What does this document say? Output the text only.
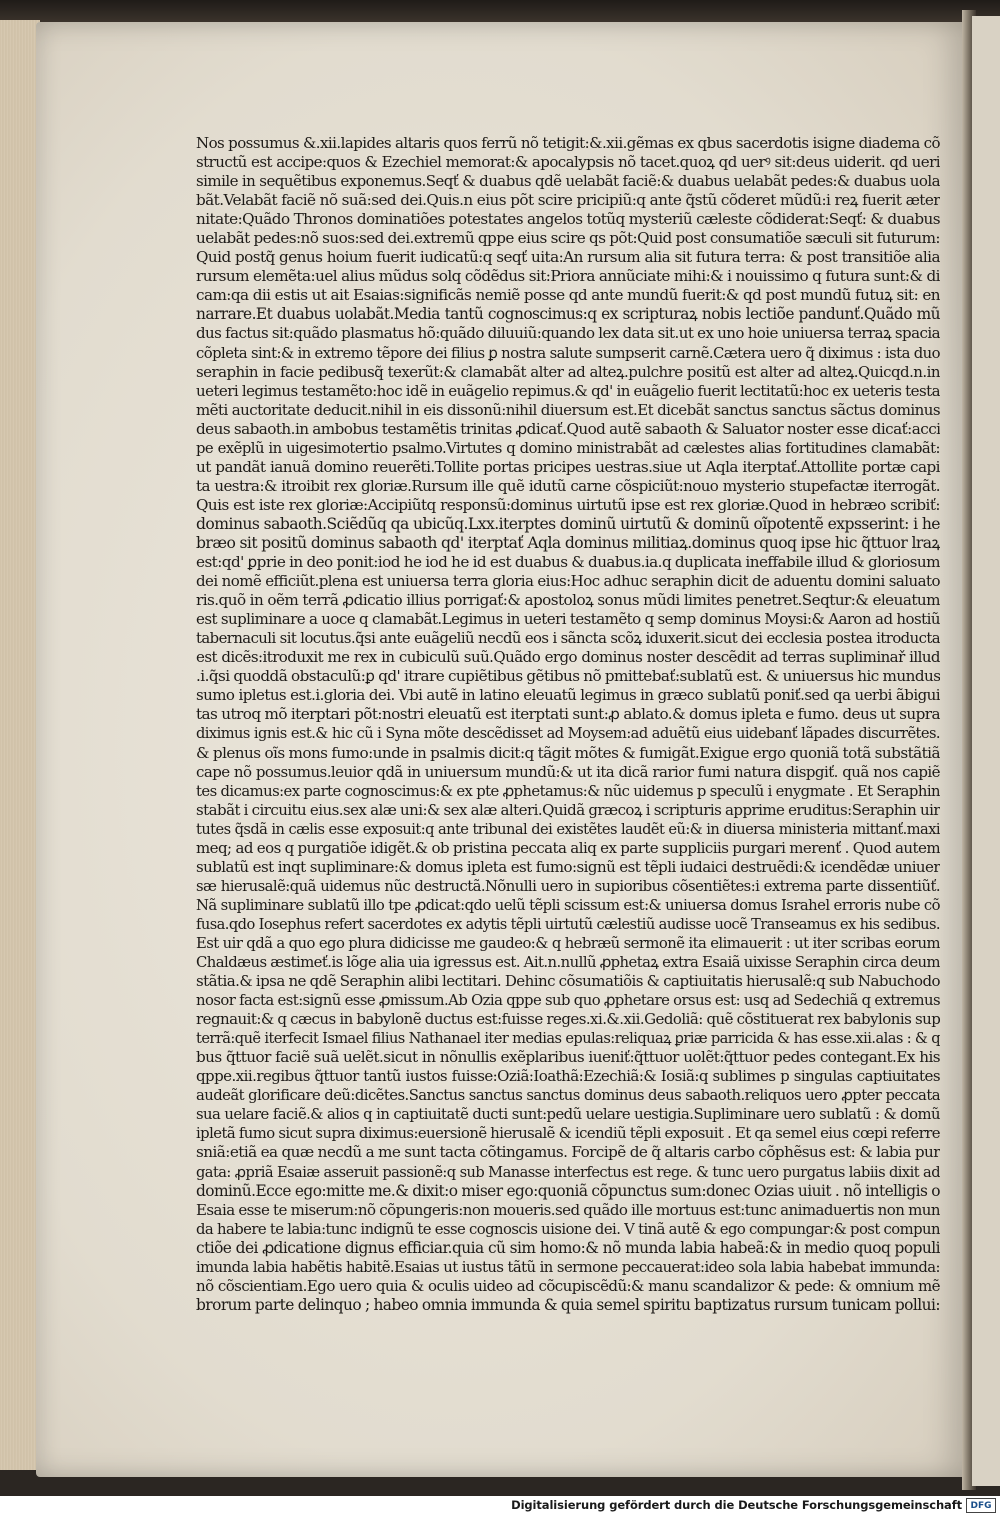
Nos possumus &.xii.lapides altaris quos ferrũ nõ tetigit:&.xii.gẽmas ex qbus sacerdotis isigne diadema cõ
structũ est accipe:quos & Ezechiel memorat:& apocalypsis nõ tacet.quoꝝ qd uerꝰ sit:deus uiderit. qd ueri
simile in sequẽtibus exponemus.Seqť & duabus qdẽ uelabãt faciẽ:& duabus uelabãt pedes:& duabus uola
bãt.Velabãt faciẽ nõ suã:sed dei.Quis.n eius põt scire pricipiũ:q ante q̃stũ cõderet mũdũ:i reꝝ fuerit æter
nitate:Quãdo Thronos dominatiões potestates angelos totũq mysteriũ cæleste cõdiderat:Seqť: & duabus
uelabãt pedes:nõ suos:sed dei.extremũ qppe eius scire qs põt:Quid post consumatiõe sæculi sit futurum:
Quid postq̃ genus hoium fuerit iudicatũ:q seqť uita:An rursum alia sit futura terra: & post transitiõe alia
rursum elemẽta:uel alius mũdus solq cõdẽdus sit:Priora annũciate mihi:& i nouissimo q futura sunt:& di
cam:qa dii estis ut ait Esaias:significãs nemiẽ posse qd ante mundũ fuerit:& qd post mundũ futuꝝ sit: en
narrare.Et duabus uolabãt.Media tantũ cognoscimus:q ex scripturaꝝ nobis lectiõe pandunť.Quãdo mũ
dus factus sit:quãdo plasmatus hõ:quãdo diluuiũ:quando lex data sit.ut ex uno hoie uniuersa terraꝝ spacia
cõpleta sint:& in extremo tẽpore dei filius ꝑ nostra salute sumpserit carnẽ.Cætera uero q̃ diximus : ista duo
seraphin in facie pedibusq̃ texerũt:& clamabãt alter ad alteꝝ.pulchre positũ est alter ad alteꝝ.Quicqd.n.in
ueteri legimus testamẽto:hoc idẽ in euãgelio repimus.& qd' in euãgelio fuerit lectitatũ:hoc ex ueteris testa
mẽti auctoritate deducit.nihil in eis dissonũ:nihil diuersum est.Et dicebãt sanctus sanctus sãctus dominus
deus sabaoth.in ambobus testamẽtis trinitas ꝓdicať.Quod autẽ sabaoth & Saluator noster esse dicať:acci
pe exẽplũ in uigesimotertio psalmo.Virtutes q domino ministrabãt ad cælestes alias fortitudines clamabãt:
ut pandãt ianuã domino reuerẽti.Tollite portas pricipes uestras.siue ut Aqla iterptať.Attollite portæ capi
ta uestra:& itroibit rex gloriæ.Rursum ille quẽ idutũ carne cõspiciũt:nouo mysterio stupefactæ iterrogãt.
Quis est iste rex gloriæ:Accipiũtq responsũ:dominus uirtutũ ipse est rex gloriæ.Quod in hebræo scribiť:
dominus sabaoth.Sciẽdũq qa ubicũq.Lxx.iterptes dominũ uirtutũ & dominũ oĩpotentẽ expsserint: i he
bræo sit positũ dominus sabaoth qd' iterptať Aqla dominus militiaꝝ.dominus quoq ipse hic q̃ttuor lraꝝ
est:qd' ꝑprie in deo ponit:iod he iod he id est duabus & duabus.ia.q duplicata ineffabile illud & gloriosum
dei nomẽ efficiũt.plena est uniuersa terra gloria eius:Hoc adhuc seraphin dicit de aduentu domini saluato
ris.quõ in oẽm terrã ꝓdicatio illius porrigať:& apostoloꝝ sonus mũdi limites penetret.Seqtur:& eleuatum
est supliminare a uoce q clamabãt.Legimus in ueteri testamẽto q semp dominus Moysi:& Aaron ad hostiũ
tabernaculi sit locutus.q̃si ante euãgeliũ necdũ eos i sãncta scõꝝ iduxerit.sicut dei ecclesia postea itroducta
est dicẽs:itroduxit me rex in cubiculũ suũ.Quãdo ergo dominus noster descẽdit ad terras supliminař illud
.i.q̃si quoddã obstaculũ:ꝑ qd' itrare cupiẽtibus gẽtibus nõ pmittebať:sublatũ est. & uniuersus hic mundus
sumo ipletus est.i.gloria dei. Vbi autẽ in latino eleuatũ legimus in græco sublatũ poniť.sed qa uerbi ãbigui
tas utroq mõ iterptari põt:nostri eleuatũ est iterptati sunt:ꝓ ablato.& domus ipleta e fumo. deus ut supra
diximus ignis est.& hic cũ i Syna mõte descẽdisset ad Moysem:ad aduẽtũ eius uidebanť lãpades discurrẽtes.
& plenus oĩs mons fumo:unde in psalmis dicit:q tãgit mõtes & fumigãt.Exigue ergo quoniã totã substãtiã
cape nõ possumus.leuior qdã in uniuersum mundũ:& ut ita dicã rarior fumi natura dispgiť. quã nos capiẽ
tes dicamus:ex parte cognoscimus:& ex pte ꝓphetamus:& nũc uidemus p speculũ i enygmate . Et Seraphin
stabãt i circuitu eius.sex alæ uni:& sex alæ alteri.Quidã græcoꝝ i scripturis apprime eruditus:Seraphin uir
tutes q̃sdã in cælis esse exposuit:q ante tribunal dei existẽtes laudẽt eũ:& in diuersa ministeria mittanť.maxi
meq; ad eos q purgatiõe idigẽt.& ob pristina peccata aliq ex parte suppliciis purgari merenť . Quod autem
sublatũ est inqt supliminare:& domus ipleta est fumo:signũ est tẽpli iudaici destruẽdi:& icendẽdæ uniuer
sæ hierusalẽ:quã uidemus nũc destructã.Nõnulli uero in supioribus cõsentiẽtes:i extrema parte dissentiũť.
Nã supliminare sublatũ illo tpe ꝓdicat:qdo uelũ tẽpli scissum est:& uniuersa domus Israhel erroris nube cõ
fusa.qdo Iosephus refert sacerdotes ex adytis tẽpli uirtutũ cælestiũ audisse uocẽ Transeamus ex his sedibus.
Est uir qdã a quo ego plura didicisse me gaudeo:& q hebræũ sermonẽ ita elimauerit : ut iter scribas eorum
Chaldæus æstimeť.is lõge alia uia igressus est. Ait.n.nullũ ꝓphetaꝝ extra Esaiã uixisse Seraphin circa deum
stãtia.& ipsa ne qdẽ Seraphin alibi lectitari. Dehinc cõsumatiõis & captiuitatis hierusalẽ:q sub Nabuchodo
nosor facta est:signũ esse ꝓmissum.Ab Ozia qppe sub quo ꝓphetare orsus est: usq ad Sedechiã q extremus
regnauit:& q cæcus in babylonẽ ductus est:fuisse reges.xi.&.xii.Gedoliã: quẽ cõstituerat rex babylonis sup
terrã:quẽ iterfecit Ismael filius Nathanael iter medias epulas:reliquaꝝ ꝑriæ parricida & has esse.xii.alas : & q
bus q̃ttuor faciẽ suã uelẽt.sicut in nõnullis exẽplaribus iueniť:q̃ttuor uolẽt:q̃ttuor pedes contegant.Ex his
qppe.xii.regibus q̃ttuor tantũ iustos fuisse:Oziã:Ioathã:Ezechiã:& Iosiã:q sublimes p singulas captiuitates
audeãt glorificare deũ:dicẽtes.Sanctus sanctus sanctus dominus deus sabaoth.reliquos uero ꝓpter peccata
sua uelare faciẽ.& alios q in captiuitatẽ ducti sunt:pedũ uelare uestigia.Supliminare uero sublatũ : & domũ
ipletã fumo sicut supra diximus:euersionẽ hierusalẽ & icendiũ tẽpli exposuit . Et qa semel eius cœpi referre
sniã:etiã ea quæ necdũ a me sunt tacta cõtingamus. Forcipẽ de q̃ altaris carbo cõphẽsus est: & labia pur
gata: ꝓpriã Esaiæ asseruit passionẽ:q sub Manasse interfectus est rege. & tunc uero purgatus labiis dixit ad
dominũ.Ecce ego:mitte me.& dixit:o miser ego:quoniã cõpunctus sum:donec Ozias uiuit . nõ intelligis o
Esaia esse te miserum:nõ cõpungeris:non moueris.sed quãdo ille mortuus est:tunc animaduertis non mun
da habere te labia:tunc indignũ te esse cognoscis uisione dei. V tinã autẽ & ego compungar:& post compun
ctiõe dei ꝓdicatione dignus efficiar.quia cũ sim homo:& nõ munda labia habeã:& in medio quoq populi
imunda labia habẽtis habitẽ.Esaias ut iustus tãtũ in sermone peccauerat:ideo sola labia habebat immunda:
nõ cõscientiam.Ego uero quia & oculis uideo ad cõcupiscẽdũ:& manu scandalizor & pede: & omnium mẽ
brorum parte delinquo ; habeo omnia immunda & quia semel spiritu baptizatus rursum tunicam pollui:
Digitalisierung gefördert durch die Deutsche Forschungsgemeinschaft DFG
